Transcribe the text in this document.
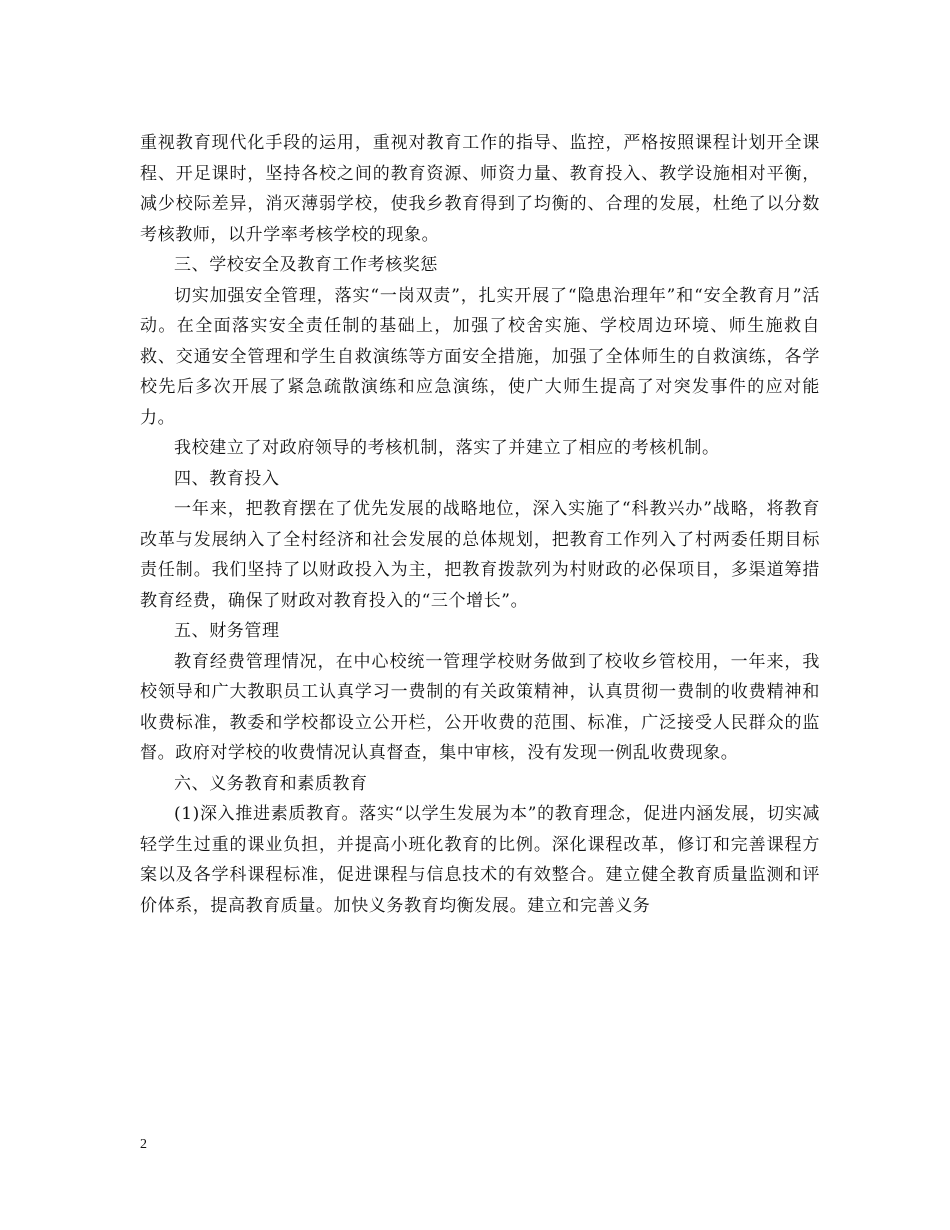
重视教育现代化手段的运用，重视对教育工作的指导、监控，严格按照课程计划开全课程、开足课时，坚持各校之间的教育资源、师资力量、教育投入、教学设施相对平衡，减少校际差异，消灭薄弱学校，使我乡教育得到了均衡的、合理的发展，杜绝了以分数考核教师，以升学率考核学校的现象。

三、学校安全及教育工作考核奖惩

切实加强安全管理，落实“一岗双责”，扎实开展了“隐患治理年”和“安全教育月”活动。在全面落实安全责任制的基础上，加强了校舍实施、学校周边环境、师生施救自救、交通安全管理和学生自救演练等方面安全措施，加强了全体师生的自救演练，各学校先后多次开展了紧急疏散演练和应急演练，使广大师生提高了对突发事件的应对能力。

我校建立了对政府领导的考核机制，落实了并建立了相应的考核机制。

四、教育投入

一年来，把教育摆在了优先发展的战略地位，深入实施了“科教兴办”战略，将教育改革与发展纳入了全村经济和社会发展的总体规划，把教育工作列入了村两委任期目标责任制。我们坚持了以财政投入为主，把教育拨款列为村财政的必保项目，多渠道筹措教育经费，确保了财政对教育投入的“三个增长”。

五、财务管理

教育经费管理情况，在中心校统一管理学校财务做到了校收乡管校用，一年来，我校领导和广大教职员工认真学习一费制的有关政策精神，认真贯彻一费制的收费精神和收费标准，教委和学校都设立公开栏，公开收费的范围、标准，广泛接受人民群众的监督。政府对学校的收费情况认真督查，集中审核，没有发现一例乱收费现象。

六、义务教育和素质教育

(1)深入推进素质教育。落实“以学生发展为本”的教育理念，促进内涵发展，切实减轻学生过重的课业负担，并提高小班化教育的比例。深化课程改革，修订和完善课程方案以及各学科课程标准，促进课程与信息技术的有效整合。建立健全教育质量监测和评价体系，提高教育质量。加快义务教育均衡发展。建立和完善义务

2
